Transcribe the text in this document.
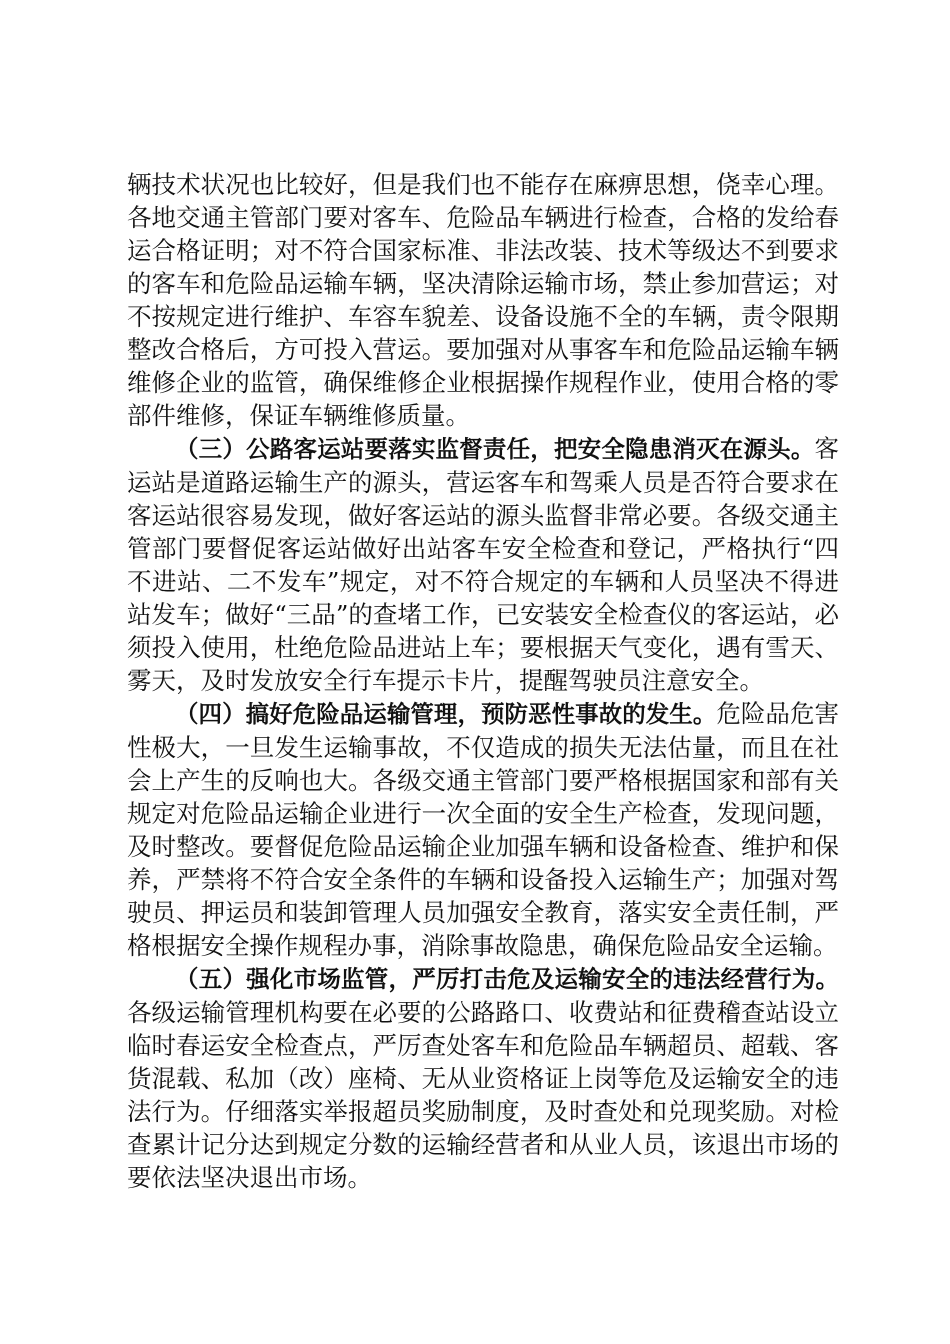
辆技术状况也比较好，但是我们也不能存在麻痹思想，侥幸心理。各地交通主管部门要对客车、危险品车辆进行检查，合格的发给春运合格证明；对不符合国家标准、非法改装、技术等级达不到要求的客车和危险品运输车辆，坚决清除运输市场，禁止参加营运；对不按规定进行维护、车容车貌差、设备设施不全的车辆，责令限期整改合格后，方可投入营运。要加强对从事客车和危险品运输车辆维修企业的监管，确保维修企业根据操作规程作业，使用合格的零部件维修，保证车辆维修质量。

（三）公路客运站要落实监督责任，把安全隐患消灭在源头。客运站是道路运输生产的源头，营运客车和驾乘人员是否符合要求在客运站很容易发现，做好客运站的源头监督非常必要。各级交通主管部门要督促客运站做好出站客车安全检查和登记，严格执行“四不进站、二不发车”规定，对不符合规定的车辆和人员坚决不得进站发车；做好“三品”的查堵工作，已安装安全检查仪的客运站，必须投入使用，杜绝危险品进站上车；要根据天气变化，遇有雪天、雾天，及时发放安全行车提示卡片，提醒驾驶员注意安全。

（四）搞好危险品运输管理，预防恶性事故的发生。危险品危害性极大，一旦发生运输事故，不仅造成的损失无法估量，而且在社会上产生的反响也大。各级交通主管部门要严格根据国家和部有关规定对危险品运输企业进行一次全面的安全生产检查，发现问题，及时整改。要督促危险品运输企业加强车辆和设备检查、维护和保养，严禁将不符合安全条件的车辆和设备投入运输生产；加强对驾驶员、押运员和装卸管理人员加强安全教育，落实安全责任制，严格根据安全操作规程办事，消除事故隐患，确保危险品安全运输。

（五）强化市场监管，严厉打击危及运输安全的违法经营行为。各级运输管理机构要在必要的公路路口、收费站和征费稽查站设立临时春运安全检查点，严厉查处客车和危险品车辆超员、超载、客货混载、私加（改）座椅、无从业资格证上岗等危及运输安全的违法行为。仔细落实举报超员奖励制度，及时查处和兑现奖励。对检查累计记分达到规定分数的运输经营者和从业人员，该退出市场的要依法坚决退出市场。
